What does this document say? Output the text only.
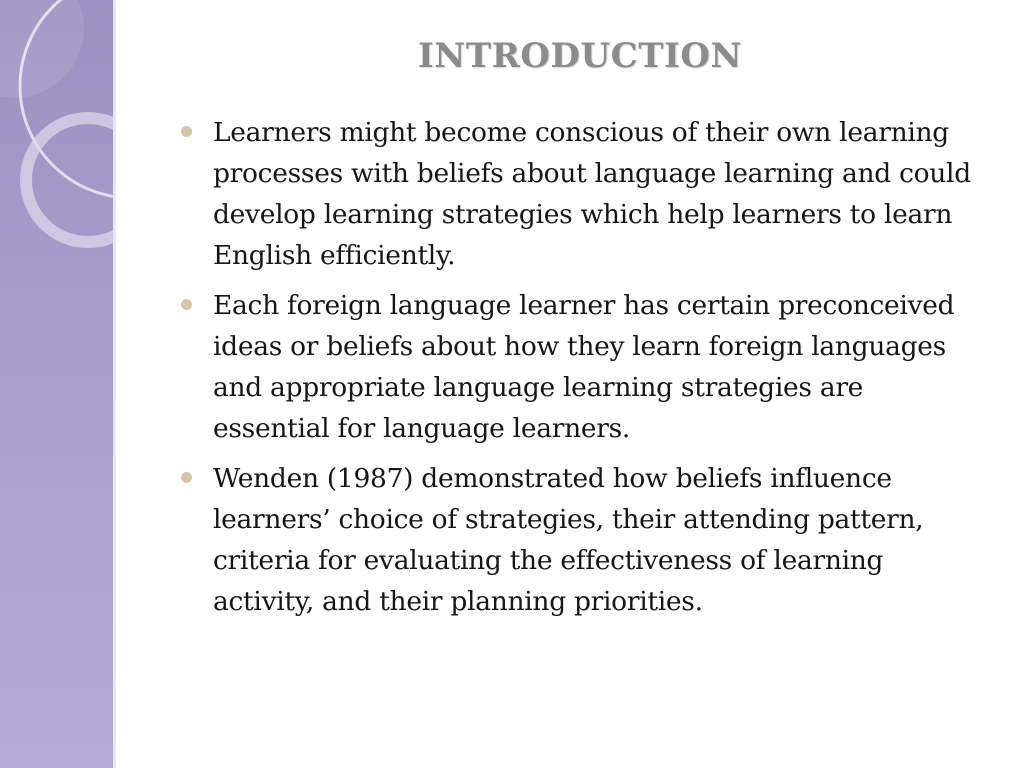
INTRODUCTION
Learners might become conscious of their own learning processes with beliefs about language learning and could develop learning strategies which help learners to learn English efficiently.
Each foreign language learner has certain preconceived ideas or beliefs about how they learn foreign languages and appropriate language learning strategies are essential for language learners.
Wenden (1987) demonstrated how beliefs influence learners’ choice of strategies, their attending pattern, criteria for evaluating the effectiveness of learning activity, and their planning priorities.
